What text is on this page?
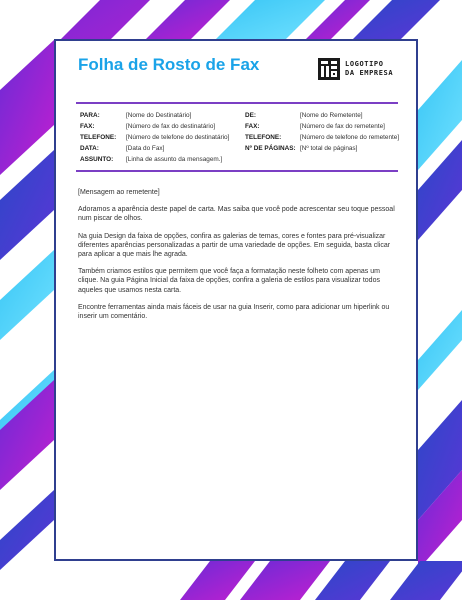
Folha de Rosto de Fax	LOGOTIPO
DA EMPRESA
PARA:	[Nome do Destinatário]
FAX:	[Número de fax do destinatário]
TELEFONE: [Número de telefone do destinatário]
DATA:	[Data do Fax]
ASSUNTO: [Linha de assunto da mensagem.]
DE:	[Nome do Remetente]
FAX:	[Número de fax do remetente]
TELEFONE:	[Número de telefone do remetente]
Nº DE PÁGINAS: [Nº total de páginas]

[Mensagem ao remetente]

Adoramos a aparência deste papel de carta. Mas saiba que você pode acrescentar seu toque pessoal num piscar de olhos.

Na guia Design da faixa de opções, confira as galerias de temas, cores e fontes para pré-visualizar diferentes aparências personalizadas a partir de uma variedade de opções. Em seguida, basta clicar para aplicar a que mais lhe agrada.

Também criamos estilos que permitem que você faça a formatação neste folheto com apenas um clique. Na guia Página Inicial da faixa de opções, confira a galeria de estilos para visualizar todos aqueles que usamos nesta carta.

Encontre ferramentas ainda mais fáceis de usar na guia Inserir, como para adicionar um hiperlink ou inserir um comentário.
